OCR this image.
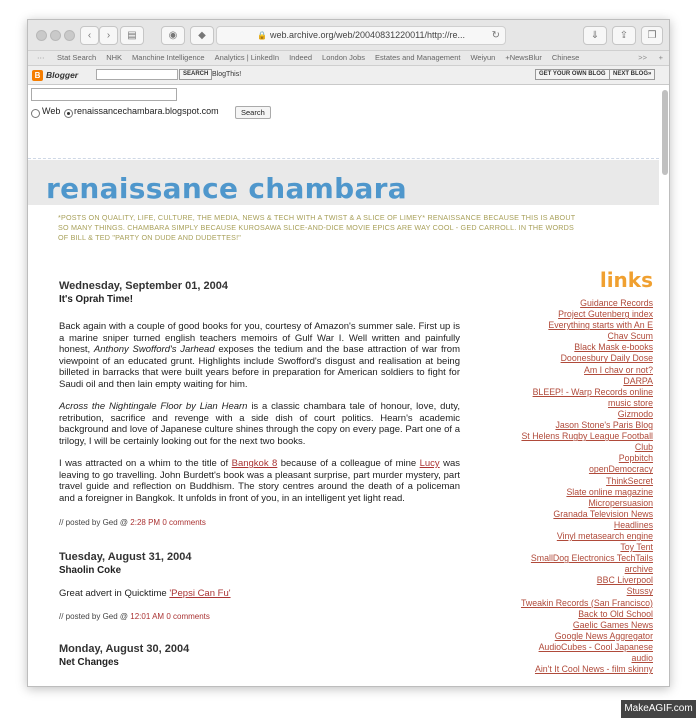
‹	›	▤	◉	◆	🔒 web.archive.org/web/20040831220011/http://re...	↻	⇓	⇪	❐
⋯ Stat Search NHK Manchine Intelligence Analytics | LinkedIn Indeed London Jobs Estates and Management Weiyun +NewsBlur Chinese	>> +
B Blogger	SEARCH BlogThis!	GET YOUR OWN BLOG	NEXT BLOG»
Web renaissancechambara.blogspot.com	Search
renaissance chambara
*POSTS ON QUALITY, LIFE, CULTURE, THE MEDIA, NEWS & TECH WITH A TWIST & A SLICE OF LIMEY* RENAISSANCE BECAUSE THIS IS ABOUT SO MANY THINGS. CHAMBARA SIMPLY BECAUSE KUROSAWA SLICE-AND-DICE MOVIE EPICS ARE WAY COOL - GED CARROLL. IN THE WORDS OF BILL & TED "PARTY ON DUDE AND DUDETTES!"
Wednesday, September 01, 2004
It's Oprah Time!

Back again with a couple of good books for you, courtesy of Amazon's summer sale. First up is a marine sniper turned english teachers memoirs of Gulf War I. Well written and painfully honest, Anthony Swofford's Jarhead exposes the tedium and the base attraction of war from viewpoint of an educated grunt. Highlights include Swofford's disgust and realisation at being billeted in barracks that were built years before in preparation for American soldiers to fight for Saudi oil and then lain empty waiting for him.

Across the Nightingale Floor by Lian Hearn is a classic chambara tale of honour, love, duty, retribution, sacrifice and revenge with a side dish of court politics. Hearn's academic background and love of Japanese culture shines through the copy on every page. Part one of a trilogy, I will be certainly looking out for the next two books.

I was attracted on a whim to the title of Bangkok 8 because of a colleague of mine Lucy was leaving to go travelling. John Burdett's book was a pleasant surprise, part murder mystery, part travel guide and reflection on Buddhism. The story centres around the death of a policeman and a foreigner in Bangkok. It unfolds in front of you, in an intelligent yet light read.

// posted by Ged @ 2:28 PM 0 comments
Tuesday, August 31, 2004
Shaolin Coke

Great advert in Quicktime 'Pepsi Can Fu'

// posted by Ged @ 12:01 AM 0 comments
Monday, August 30, 2004
Net Changes
links
Guidance Records
Project Gutenberg index
Everything starts with An E
Chav Scum
Black Mask e-books
Doonesbury Daily Dose
Am I chav or not?
DARPA
BLEEP! - Warp Records online
music store
Gizmodo
Jason Stone's Paris Blog
St Helens Rugby League Football
Club
Popbitch
openDemocracy
ThinkSecret
Slate online magazine
Micropersuasion
Granada Television News
Headlines
Vinyl metasearch engine
Toy Tent
SmallDog Electronics TechTails
archive
BBC Liverpool
Stussy
Tweakin Records (San Francisco)
Back to Old School
Gaelic Games News
Google News Aggregator
AudioCubes - Cool Japanese
audio
Ain't It Cool News - film skinny
MakeAGIF.com
